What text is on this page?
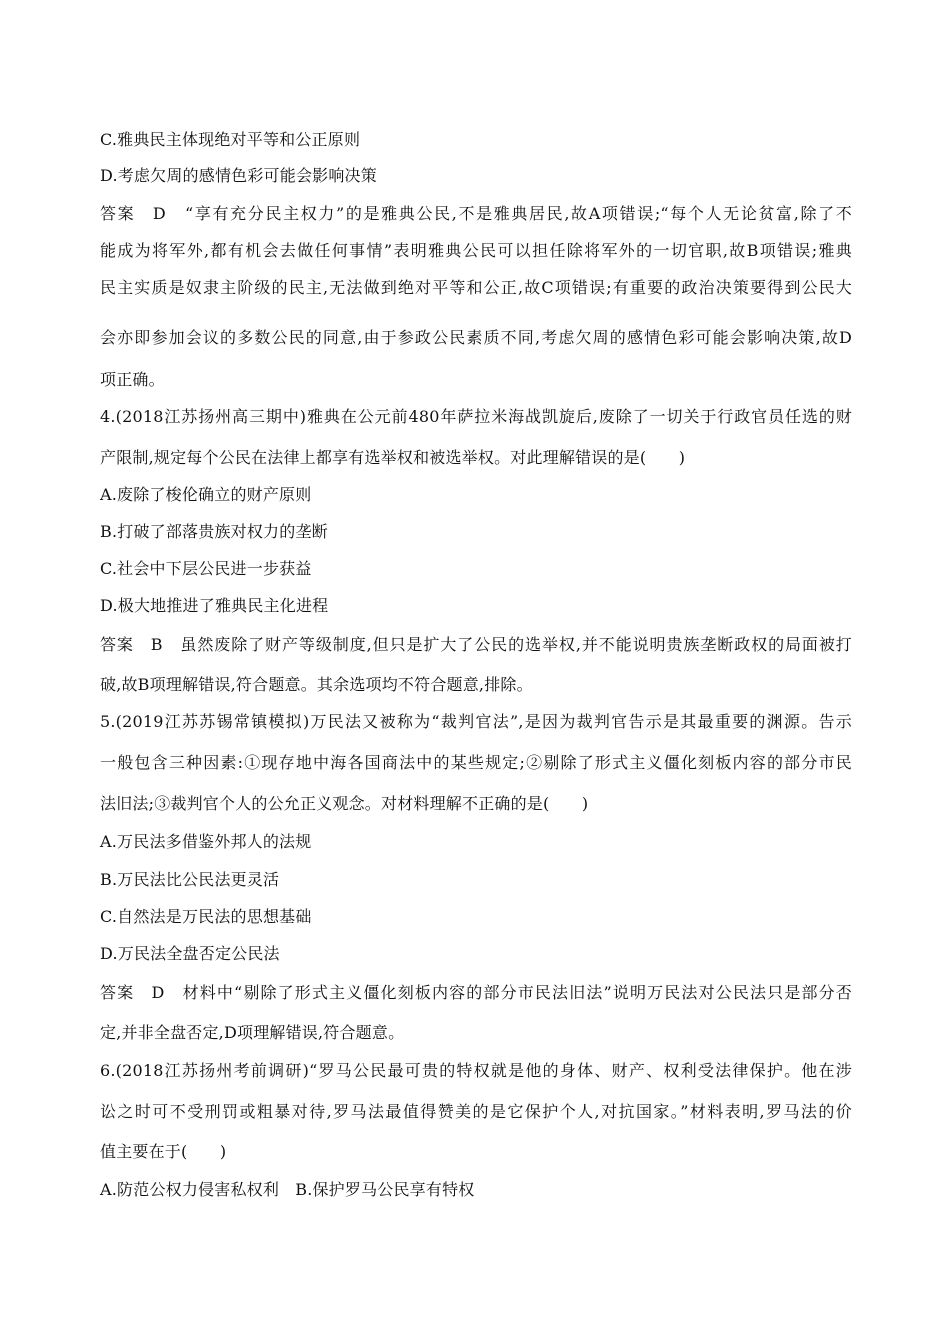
C.雅典民主体现绝对平等和公正原则
D.考虑欠周的感情色彩可能会影响决策
答案　D　“享有充分民主权力”的是雅典公民,不是雅典居民,故A项错误;“每个人无论贫富,除了不
能成为将军外,都有机会去做任何事情”表明雅典公民可以担任除将军外的一切官职,故B项错误;雅典
民主实质是奴隶主阶级的民主,无法做到绝对平等和公正,故C项错误;有重要的政治决策要得到公民大
会亦即参加会议的多数公民的同意,由于参政公民素质不同,考虑欠周的感情色彩可能会影响决策,故D
项正确。
4.(2018江苏扬州高三期中)雅典在公元前480年萨拉米海战凯旋后,废除了一切关于行政官员任选的财
产限制,规定每个公民在法律上都享有选举权和被选举权。对此理解错误的是(　　)
A.废除了梭伦确立的财产原则
B.打破了部落贵族对权力的垄断
C.社会中下层公民进一步获益
D.极大地推进了雅典民主化进程
答案　B　虽然废除了财产等级制度,但只是扩大了公民的选举权,并不能说明贵族垄断政权的局面被打
破,故B项理解错误,符合题意。其余选项均不符合题意,排除。
5.(2019江苏苏锡常镇模拟)万民法又被称为“裁判官法”,是因为裁判官告示是其最重要的渊源。告示
一般包含三种因素:①现存地中海各国商法中的某些规定;②剔除了形式主义僵化刻板内容的部分市民
法旧法;③裁判官个人的公允正义观念。对材料理解不正确的是(　　)
A.万民法多借鉴外邦人的法规
B.万民法比公民法更灵活
C.自然法是万民法的思想基础
D.万民法全盘否定公民法
答案　D　材料中“剔除了形式主义僵化刻板内容的部分市民法旧法”说明万民法对公民法只是部分否
定,并非全盘否定,D项理解错误,符合题意。
6.(2018江苏扬州考前调研)“罗马公民最可贵的特权就是他的身体、财产、权利受法律保护。他在涉
讼之时可不受刑罚或粗暴对待,罗马法最值得赞美的是它保护个人,对抗国家。”材料表明,罗马法的价
值主要在于(　　)
A.防范公权力侵害私权利　B.保护罗马公民享有特权
